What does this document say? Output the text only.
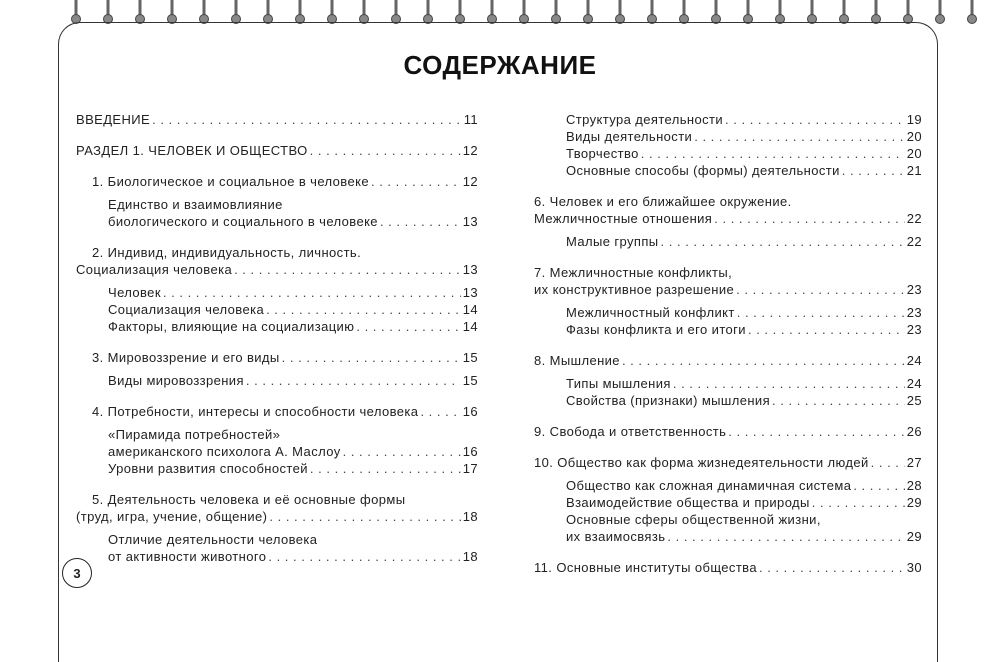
СОДЕРЖАНИЕ
ВВЕДЕНИЕ . . .	11
РАЗДЕЛ 1. ЧЕЛОВЕК И ОБЩЕСТВО . . .	12
1. Биологическое и социальное в человеке . . .	12
Единство и взаимовлияние
биологического и социального в человеке . . .	13
2. Индивид, индивидуальность, личность.
Социализация человека . . .	13
Человек . . .	13
Социализация человека . . .	14
Факторы, влияющие на социализацию . . .	14
3. Мировоззрение и его виды . . .	15
Виды мировоззрения . . .	15
4. Потребности, интересы и способности человека . . .	16
«Пирамида потребностей»
американского психолога А. Маслоу . . .	16
Уровни развития способностей . . .	17
5. Деятельность человека и её основные формы
(труд, игра, учение, общение) . . .	18
Отличие деятельности человека
от активности животного . . .	18
Структура деятельности . . .	19
Виды деятельности . . .	20
Творчество . . .	20
Основные способы (формы) деятельности . . .	21
6. Человек и его ближайшее окружение.
Межличностные отношения . . .	22
Малые группы . . .	22
7. Межличностные конфликты,
их конструктивное разрешение . . .	23
Межличностный конфликт . . .	23
Фазы конфликта и его итоги . . .	23
8. Мышление . . .	24
Типы мышления . . .	24
Свойства (признаки) мышления . . .	25
9. Свобода и ответственность . . .	26
10. Общество как форма жизнедеятельности людей . . .	27
Общество как сложная динамичная система . . .	28
Взаимодействие общества и природы . . .	29
Основные сферы общественной жизни,
их взаимосвязь . . .	29
11. Основные институты общества . . .	30
3
